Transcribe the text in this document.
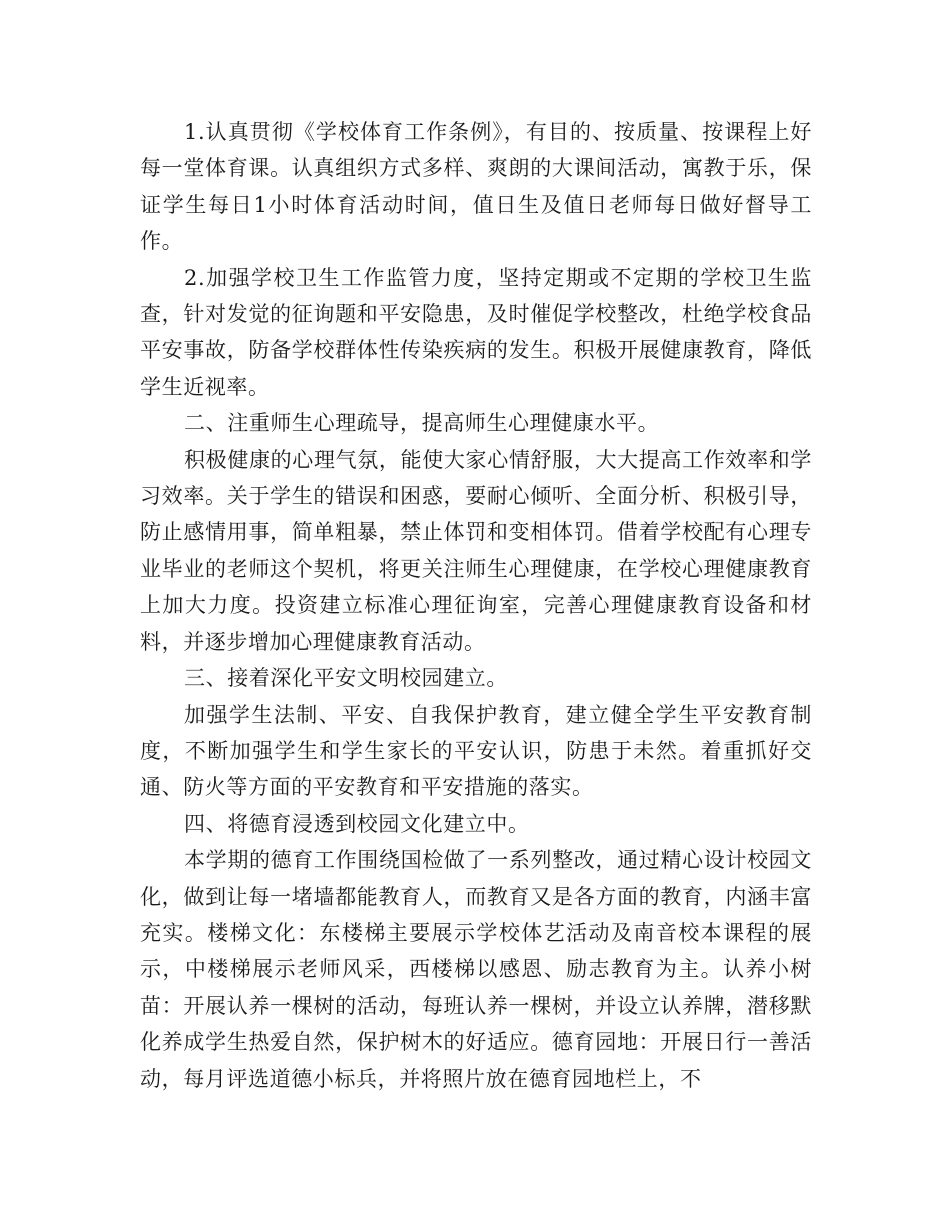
1.认真贯彻《学校体育工作条例》，有目的、按质量、按课程上好每一堂体育课。认真组织方式多样、爽朗的大课间活动，寓教于乐，保证学生每日1小时体育活动时间，值日生及值日老师每日做好督导工作。

2.加强学校卫生工作监管力度，坚持定期或不定期的学校卫生监查，针对发觉的征询题和平安隐患，及时催促学校整改，杜绝学校食品平安事故，防备学校群体性传染疾病的发生。积极开展健康教育，降低学生近视率。

二、注重师生心理疏导，提高师生心理健康水平。

积极健康的心理气氛，能使大家心情舒服，大大提高工作效率和学习效率。关于学生的错误和困惑，要耐心倾听、全面分析、积极引导，防止感情用事，简单粗暴，禁止体罚和变相体罚。借着学校配有心理专业毕业的老师这个契机，将更关注师生心理健康，在学校心理健康教育上加大力度。投资建立标准心理征询室，完善心理健康教育设备和材料，并逐步增加心理健康教育活动。

三、接着深化平安文明校园建立。

加强学生法制、平安、自我保护教育，建立健全学生平安教育制度，不断加强学生和学生家长的平安认识，防患于未然。着重抓好交通、防火等方面的平安教育和平安措施的落实。

四、将德育浸透到校园文化建立中。

本学期的德育工作围绕国检做了一系列整改，通过精心设计校园文化，做到让每一堵墙都能教育人，而教育又是各方面的教育，内涵丰富充实。楼梯文化：东楼梯主要展示学校体艺活动及南音校本课程的展示，中楼梯展示老师风采，西楼梯以感恩、励志教育为主。认养小树苗：开展认养一棵树的活动，每班认养一棵树，并设立认养牌，潜移默化养成学生热爱自然，保护树木的好适应。德育园地：开展日行一善活动，每月评选道德小标兵，并将照片放在德育园地栏上，不
